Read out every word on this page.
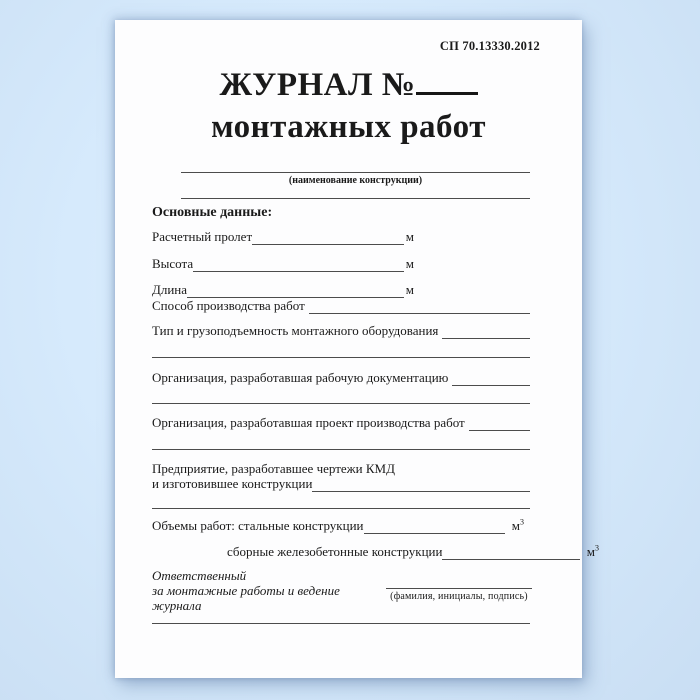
СП 70.13330.2012
ЖУРНАЛ №
монтажных работ
(наименование конструкции)
Основные данные:
Расчетный пролет	м
Высота	м
Длина	м
Способ производства работ
Тип и грузоподъемность монтажного оборудования
Организация, разработавшая рабочую документацию
Организация, разработавшая проект производства работ
Предприятие, разработавшее чертежи КМД
и изготовившее конструкции
Объемы работ: стальные конструкции	$м^3$
сборные железобетонные конструкции	$м^3$
Ответственный
за монтажные работы и ведение журнала
(фамилия, инициалы, подпись)
